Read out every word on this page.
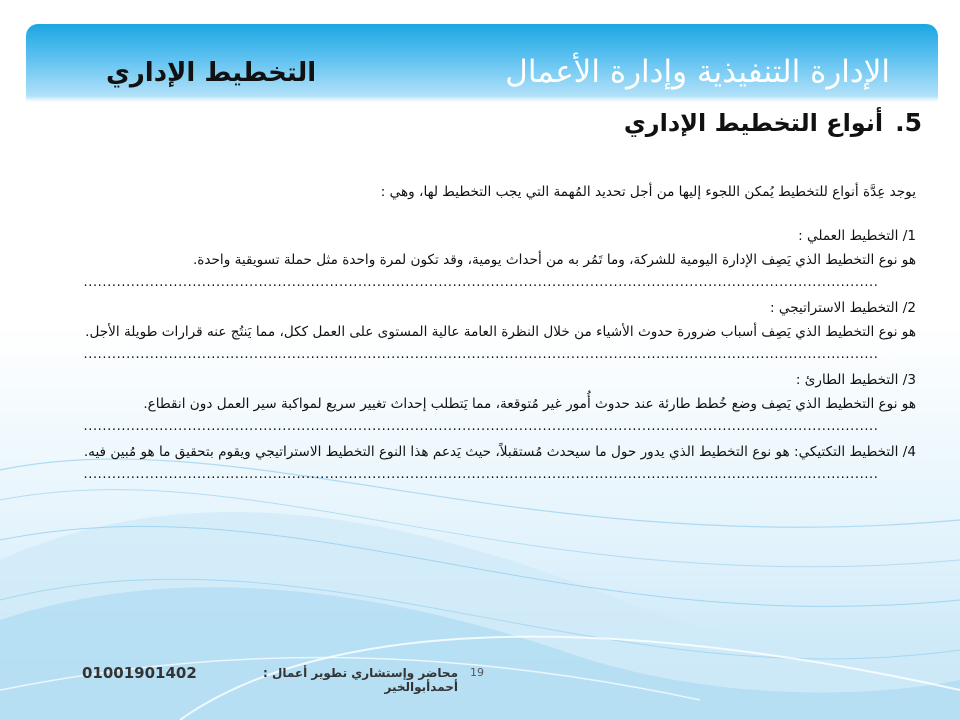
الإدارة التنفيذية وإدارة الأعمال
التخطيط الإداري
5.
أنواع التخطيط الإداري

يوجد عِدَّة أنواع للتخطيط يُمكن اللجوء إليها من أجل تحديد المُهمة التي يجب التخطيط لها، وهي :

1/ التخطيط العملي :
هو نوع التخطيط الذي يَصِف الإدارة اليومية للشركة، وما تَمُر به من أحداث يومية، وقد تكون لمرة واحدة مثل حملة تسويقية واحدة.
........................................................................................................................................................................
2/ التخطيط الاستراتيجي :
هو نوع التخطيط الذي يَصِف أسباب ضرورة حدوث الأشياء من خلال النظرة العامة عالية المستوى على العمل ككل، مما يَنتُج عنه قرارات طويلة الأجل.
........................................................................................................................................................................
3/ التخطيط الطارئ :
هو نوع التخطيط الذي يَصِف وضع خُطط طارئة عند حدوث أُمور غير مُتوقعة، مما يَتطلب إحداث تغيير سريع لمواكبة سير العمل دون انقطاع.
........................................................................................................................................................................
4/ التخطيط التكتيكي: هو نوع التخطيط الذي يدور حول ما سيحدث مُستقبلاً، حيث يَدعم هذا النوع التخطيط الاستراتيجي ويقوم بتحقيق ما هو مُبين فيه.
........................................................................................................................................................................
محاضر وإستشاري تطوير أعمال : أحمدأبوالخير
19
01001901402
